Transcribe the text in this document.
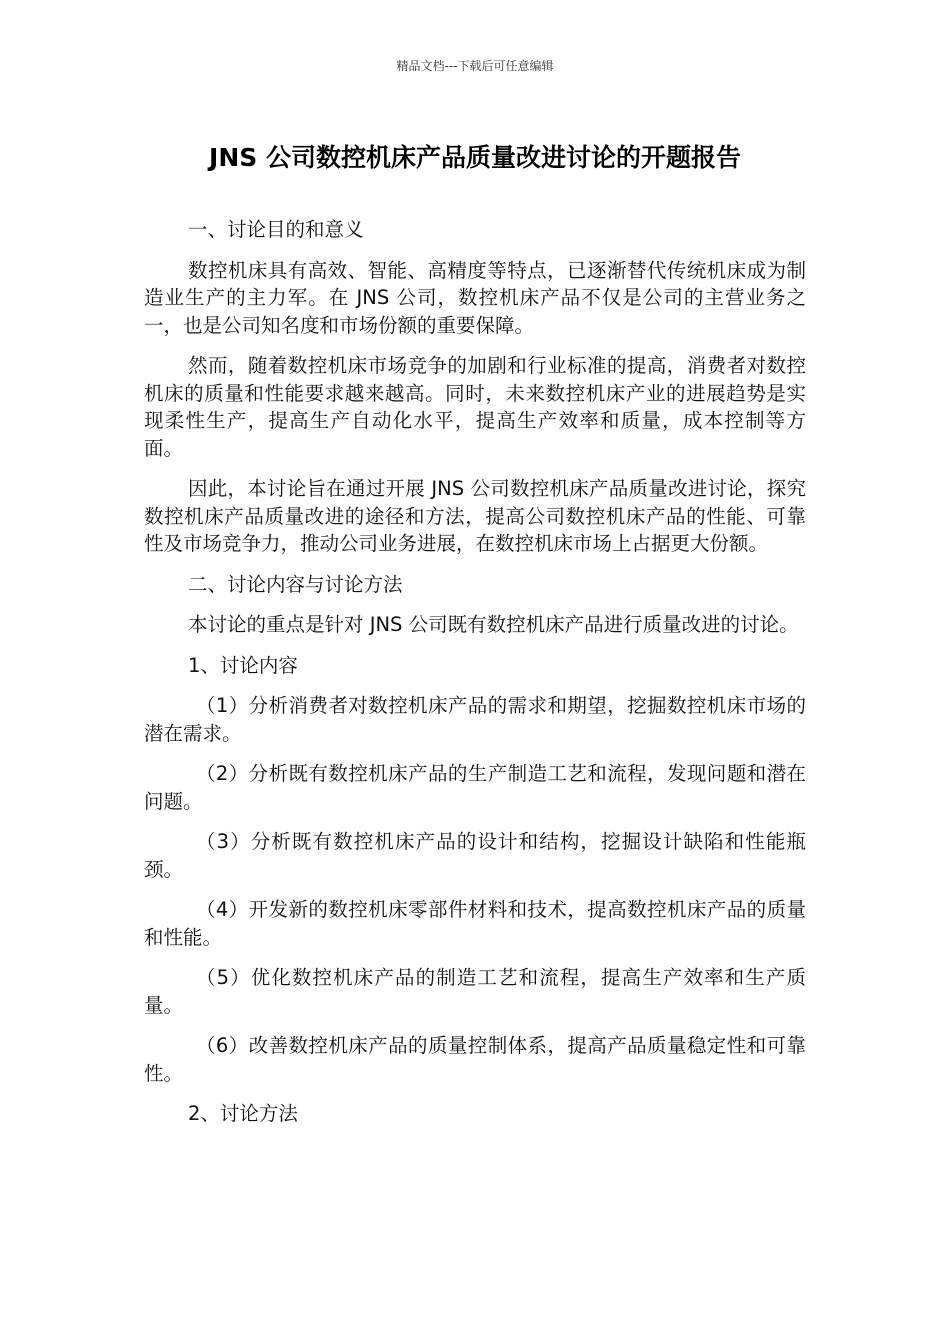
精品文档---下载后可任意编辑
JNS 公司数控机床产品质量改进讨论的开题报告

一、讨论目的和意义

数控机床具有高效、智能、高精度等特点，已逐渐替代传统机床成为制造业生产的主力军。在 JNS 公司，数控机床产品不仅是公司的主营业务之一，也是公司知名度和市场份额的重要保障。

然而，随着数控机床市场竞争的加剧和行业标准的提高，消费者对数控机床的质量和性能要求越来越高。同时，未来数控机床产业的进展趋势是实现柔性生产，提高生产自动化水平，提高生产效率和质量，成本控制等方面。

因此，本讨论旨在通过开展 JNS 公司数控机床产品质量改进讨论，探究数控机床产品质量改进的途径和方法，提高公司数控机床产品的性能、可靠性及市场竞争力，推动公司业务进展，在数控机床市场上占据更大份额。

二、讨论内容与讨论方法

本讨论的重点是针对 JNS 公司既有数控机床产品进行质量改进的讨论。

1、讨论内容

（1）分析消费者对数控机床产品的需求和期望，挖掘数控机床市场的潜在需求。

（2）分析既有数控机床产品的生产制造工艺和流程，发现问题和潜在问题。

（3）分析既有数控机床产品的设计和结构，挖掘设计缺陷和性能瓶颈。

（4）开发新的数控机床零部件材料和技术，提高数控机床产品的质量和性能。

（5）优化数控机床产品的制造工艺和流程，提高生产效率和生产质量。

（6）改善数控机床产品的质量控制体系，提高产品质量稳定性和可靠性。

2、讨论方法
